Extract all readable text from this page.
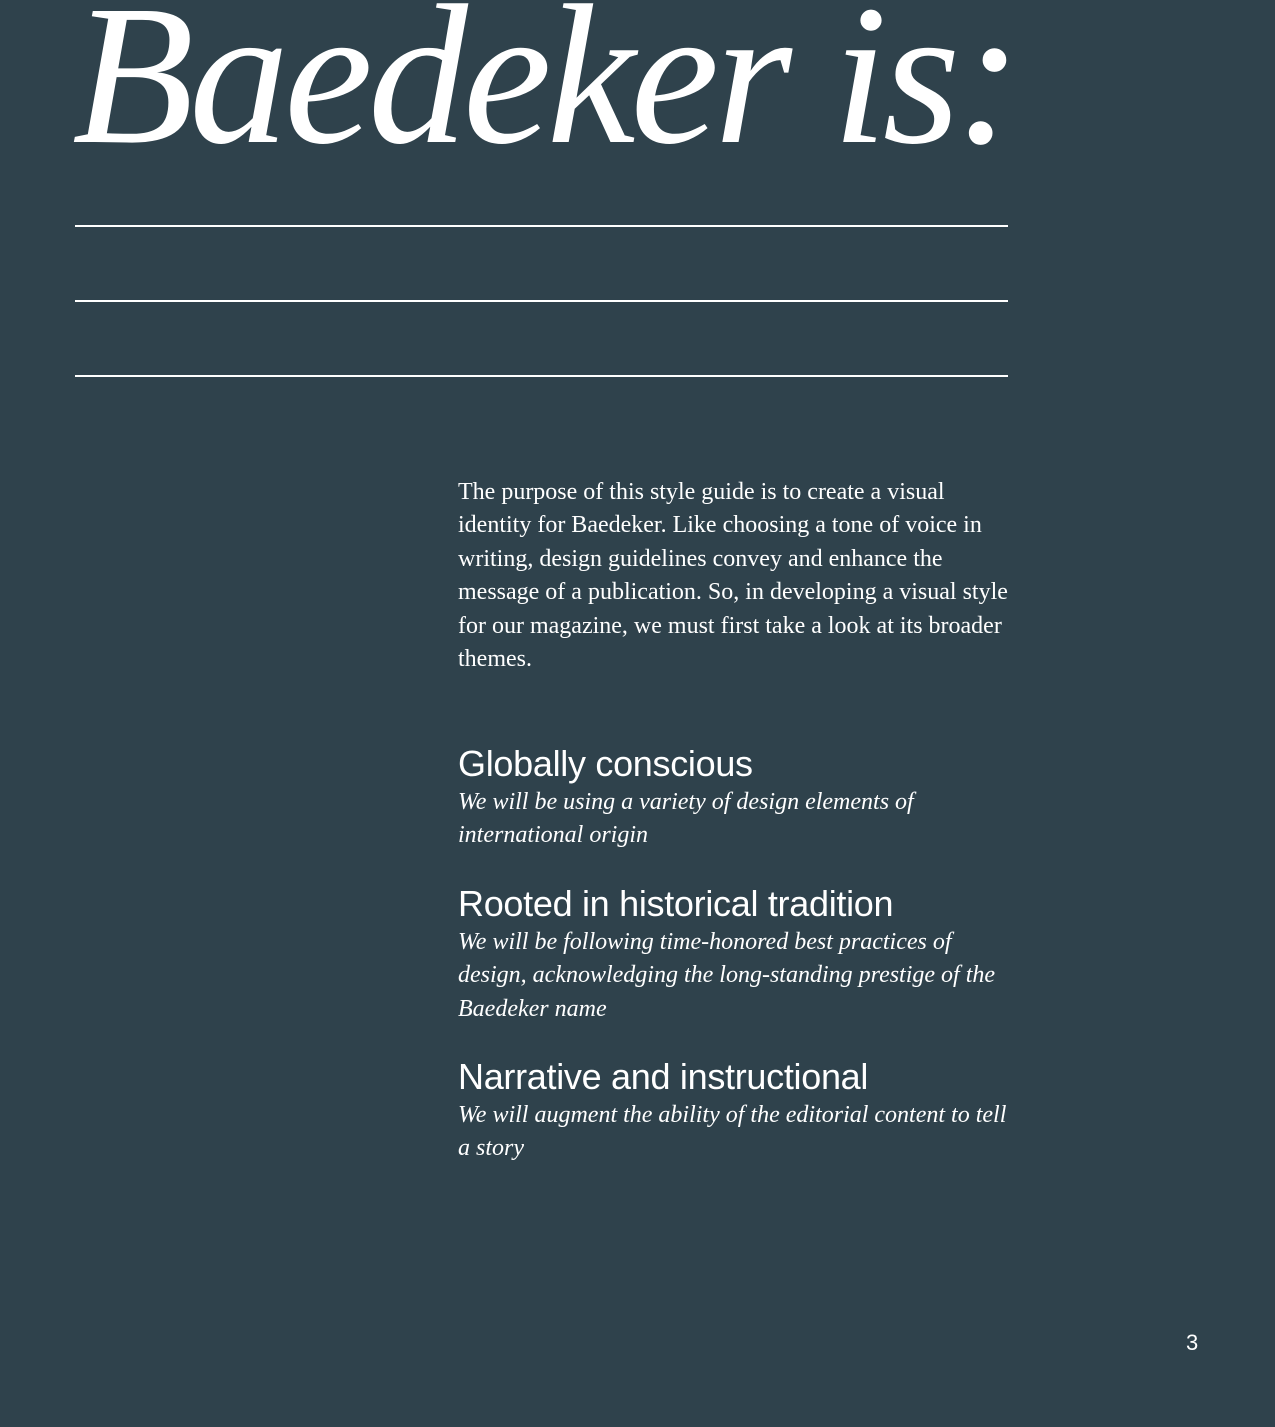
Baedeker is:

The purpose of this style guide is to create a visual identity for Baedeker. Like choosing a tone of voice in writing, design guidelines convey and enhance the message of a publication. So, in developing a visual style for our magazine, we must first take a look at its broader themes.

Globally conscious

We will be using a variety of design elements of international origin

Rooted in historical tradition

We will be following time-honored best practices of design, acknowledging the long-standing prestige of the Baedeker name

Narrative and instructional

We will augment the ability of the editorial content to tell a story

3
